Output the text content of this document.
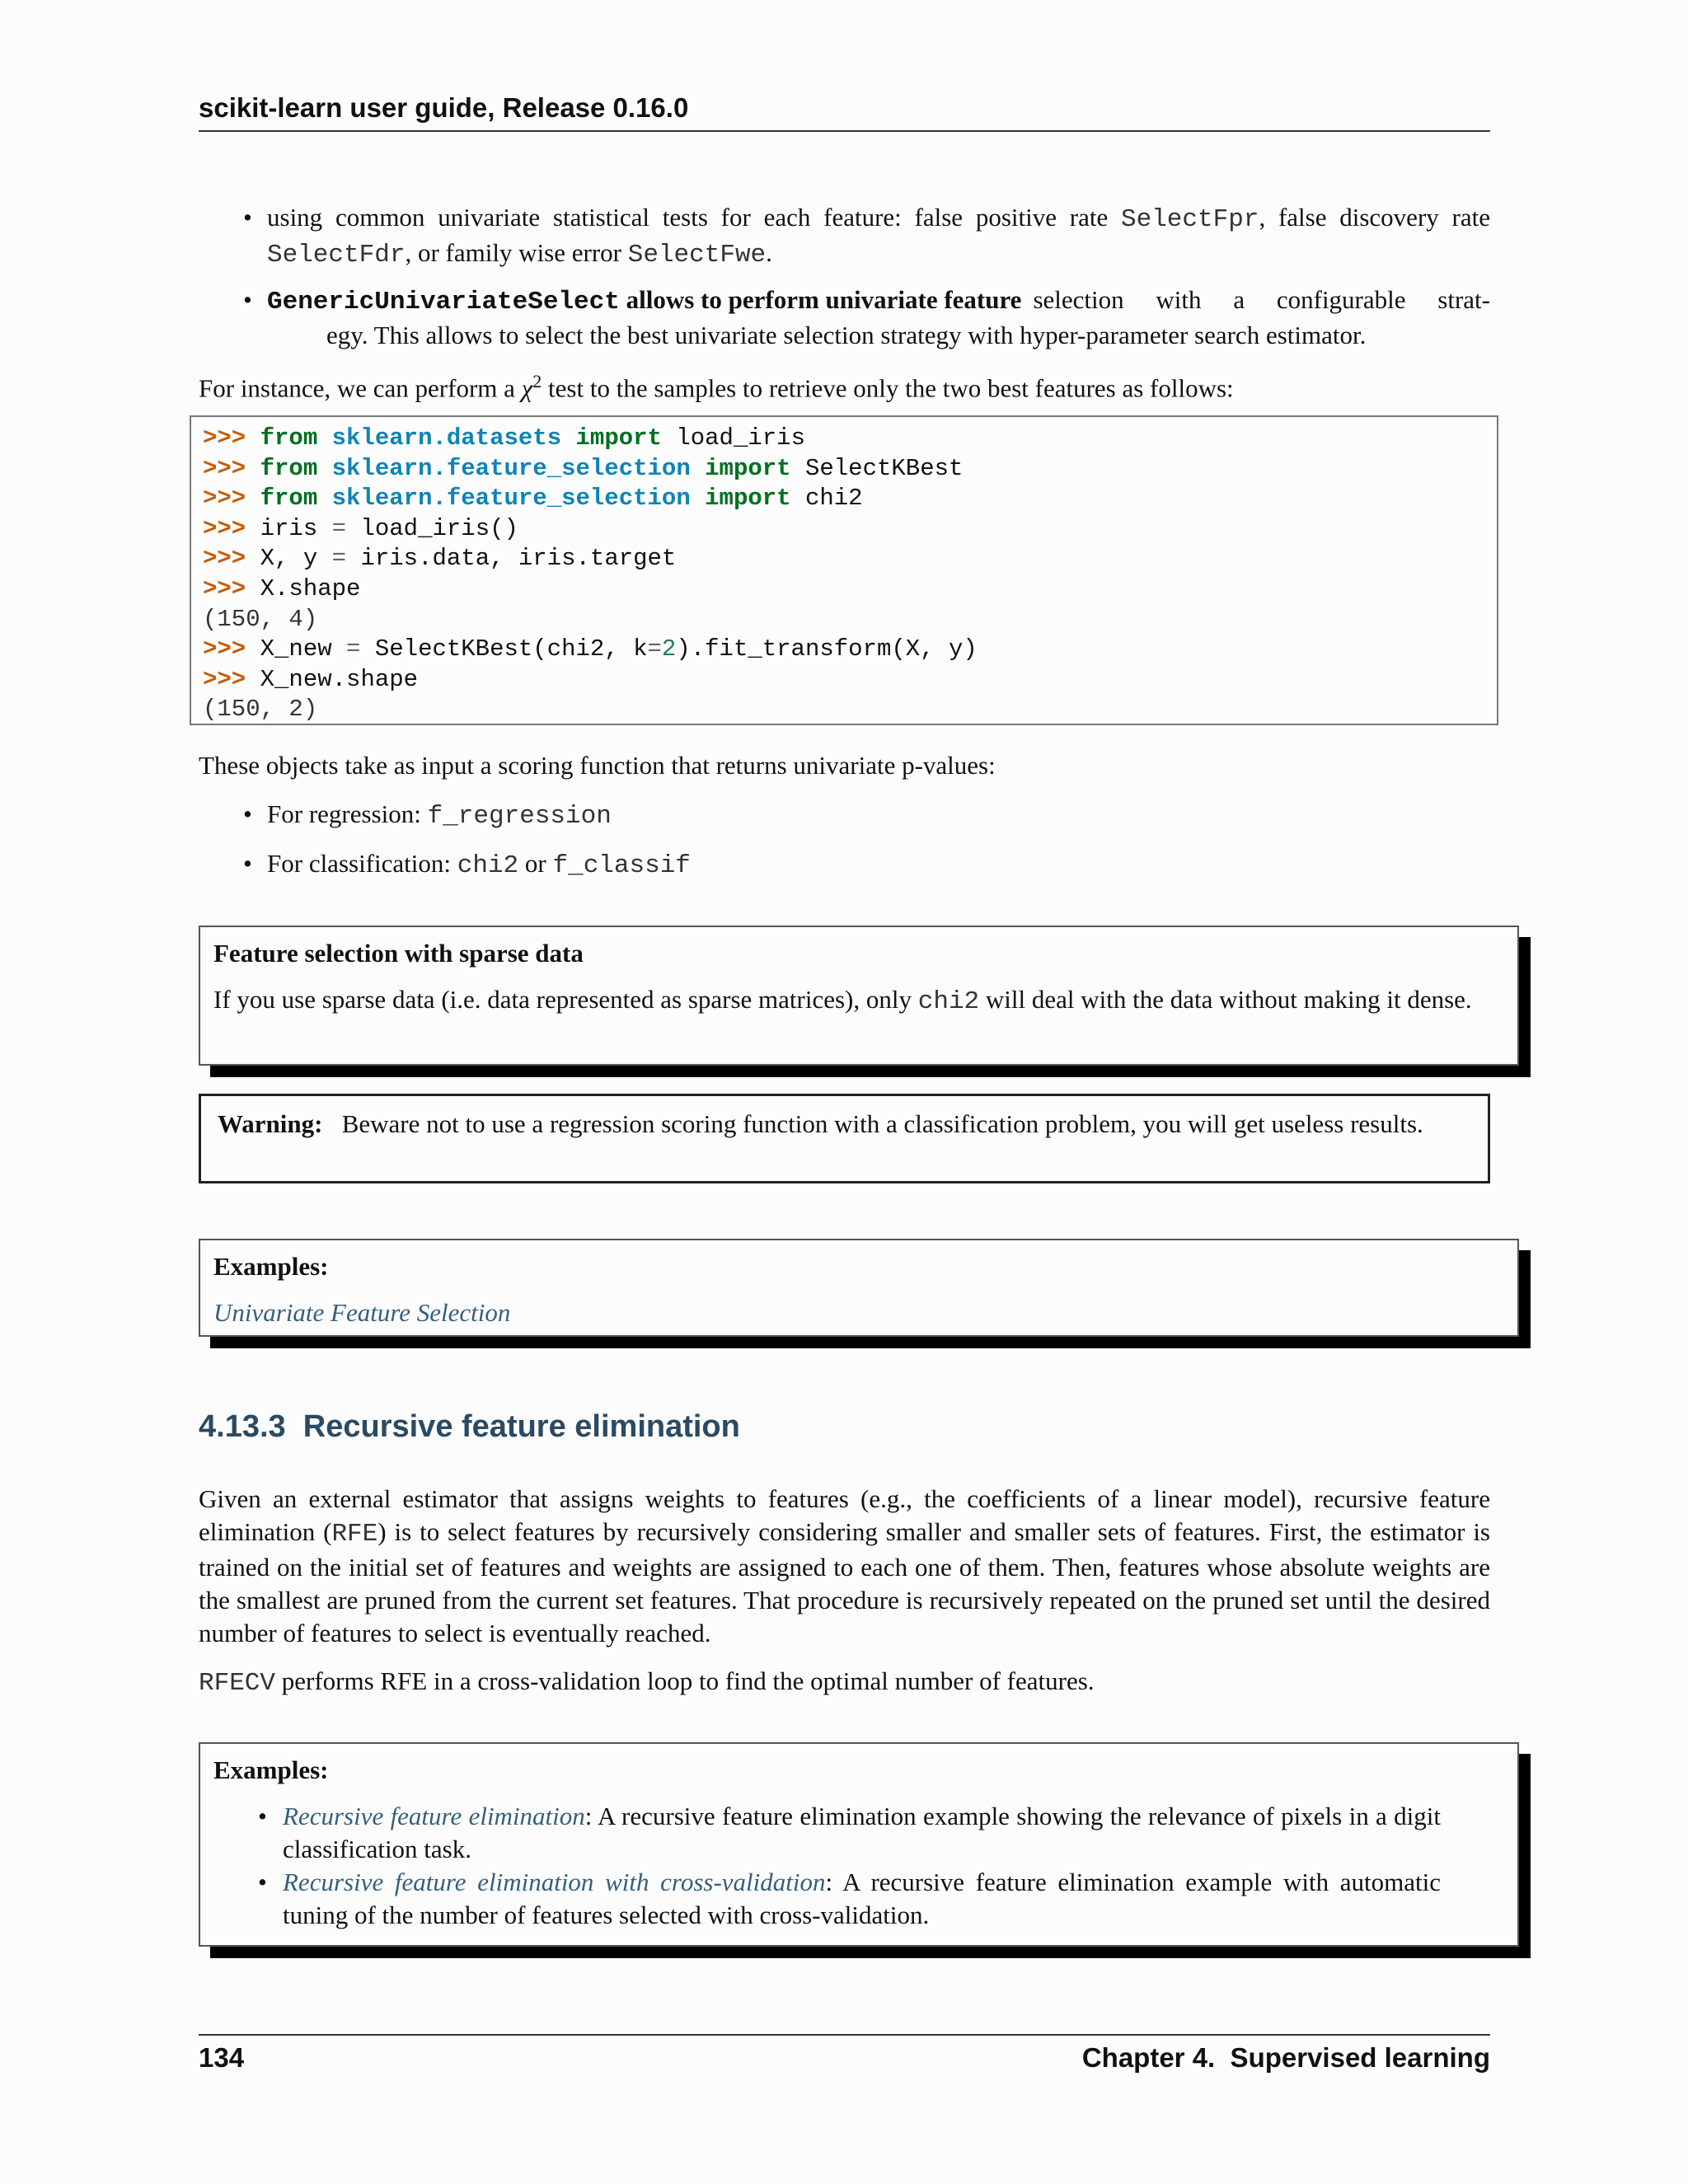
scikit-learn user guide, Release 0.16.0
• using common univariate statistical tests for each feature: false positive rate SelectFpr, false discovery rate
SelectFdr, or family wise error SelectFwe.
• GenericUnivariateSelect allows to perform univariate feature selection with a configurable strat-
egy. This allows to select the best univariate selection strategy with hyper-parameter search estimator.
For instance, we can perform a $\chi^2$ test to the samples to retrieve only the two best features as follows:
>>> from sklearn.datasets import load_iris
>>> from sklearn.feature_selection import SelectKBest
>>> from sklearn.feature_selection import chi2
>>> iris = load_iris()
>>> X, y = iris.data, iris.target
>>> X.shape
(150, 4)
>>> X_new = SelectKBest(chi2, k=2).fit_transform(X, y)
>>> X_new.shape
(150, 2)
These objects take as input a scoring function that returns univariate p-values:
• For regression: f_regression
• For classification: chi2 or f_classif
Feature selection with sparse data
If you use sparse data (i.e. data represented as sparse matrices), only chi2 will deal with the data without making it dense.
Warning: Beware not to use a regression scoring function with a classification problem, you will get useless results.
Examples:
Univariate Feature Selection
4.13.3 Recursive feature elimination
Given an external estimator that assigns weights to features (e.g., the coefficients of a linear model), recursive feature elimination (RFE) is to select features by recursively considering smaller and smaller sets of features. First, the estimator is trained on the initial set of features and weights are assigned to each one of them. Then, features whose absolute weights are the smallest are pruned from the current set features. That procedure is recursively repeated on the pruned set until the desired number of features to select is eventually reached.
RFECV performs RFE in a cross-validation loop to find the optimal number of features.
Examples:
• Recursive feature elimination: A recursive feature elimination example showing the relevance of pixels in a digit classification task.
• Recursive feature elimination with cross-validation: A recursive feature elimination example with automatic tuning of the number of features selected with cross-validation.
134	Chapter 4.  Supervised learning
